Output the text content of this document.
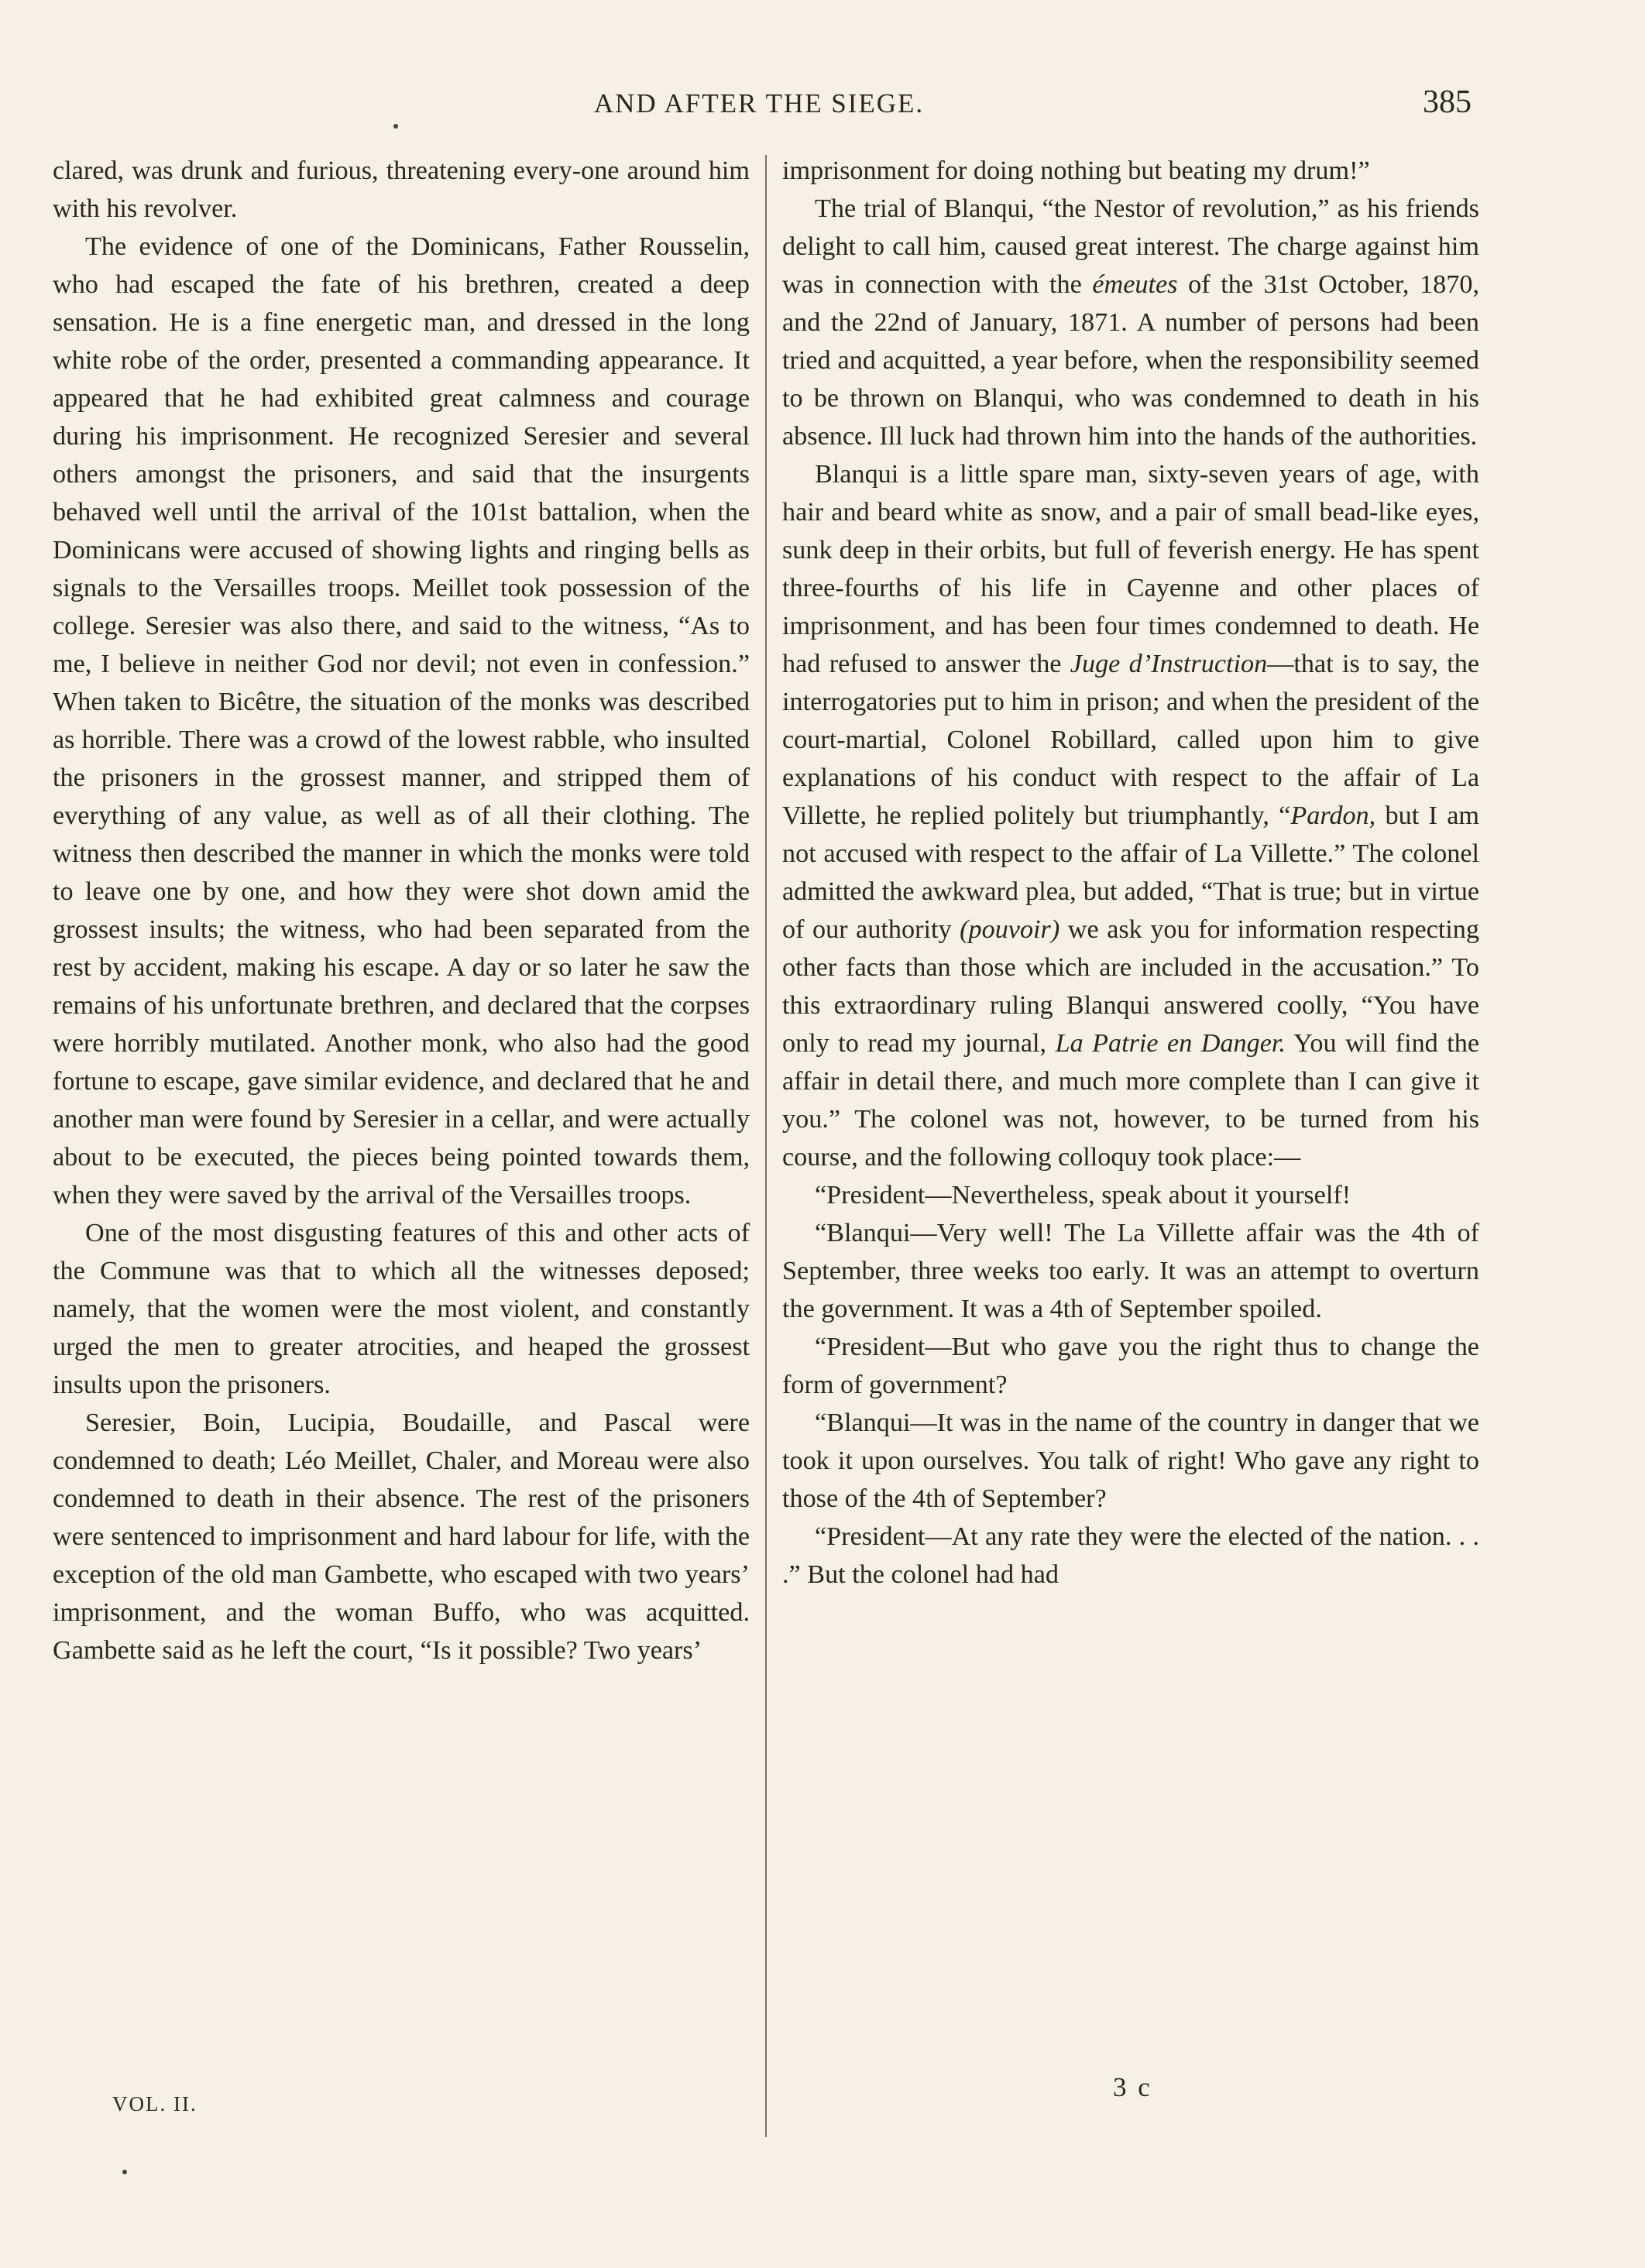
AND AFTER THE SIEGE.	385

clared, was drunk and furious, threatening every-one around him with his revolver.

The evidence of one of the Dominicans, Father Rousselin, who had escaped the fate of his brethren, created a deep sensation. He is a fine energetic man, and dressed in the long white robe of the order, presented a commanding appearance. It appeared that he had exhibited great calmness and courage during his imprisonment. He recognized Seresier and several others amongst the prisoners, and said that the insurgents behaved well until the arrival of the 101st battalion, when the Dominicans were accused of showing lights and ringing bells as signals to the Versailles troops. Meillet took possession of the college. Seresier was also there, and said to the witness, “As to me, I believe in neither God nor devil; not even in confession.” When taken to Bicêtre, the situation of the monks was described as horrible. There was a crowd of the lowest rabble, who insulted the prisoners in the grossest manner, and stripped them of everything of any value, as well as of all their clothing. The witness then described the manner in which the monks were told to leave one by one, and how they were shot down amid the grossest insults; the witness, who had been separated from the rest by accident, making his escape. A day or so later he saw the remains of his unfortunate brethren, and declared that the corpses were horribly mutilated. Another monk, who also had the good fortune to escape, gave similar evidence, and declared that he and another man were found by Seresier in a cellar, and were actually about to be executed, the pieces being pointed towards them, when they were saved by the arrival of the Versailles troops.

One of the most disgusting features of this and other acts of the Commune was that to which all the witnesses deposed; namely, that the women were the most violent, and constantly urged the men to greater atrocities, and heaped the grossest insults upon the prisoners.

Seresier, Boin, Lucipia, Boudaille, and Pascal were condemned to death; Léo Meillet, Chaler, and Moreau were also condemned to death in their absence. The rest of the prisoners were sentenced to imprisonment and hard labour for life, with the exception of the old man Gambette, who escaped with two years’ imprisonment, and the woman Buffo, who was acquitted. Gambette said as he left the court, “Is it possible? Two years’

imprisonment for doing nothing but beating my drum!”

The trial of Blanqui, “the Nestor of revolution,” as his friends delight to call him, caused great interest. The charge against him was in connection with the émeutes of the 31st October, 1870, and the 22nd of January, 1871. A number of persons had been tried and acquitted, a year before, when the responsibility seemed to be thrown on Blanqui, who was condemned to death in his absence. Ill luck had thrown him into the hands of the authorities.

Blanqui is a little spare man, sixty-seven years of age, with hair and beard white as snow, and a pair of small bead-like eyes, sunk deep in their orbits, but full of feverish energy. He has spent three-fourths of his life in Cayenne and other places of imprisonment, and has been four times condemned to death. He had refused to answer the Juge d’Instruction—that is to say, the interrogatories put to him in prison; and when the president of the court-martial, Colonel Robillard, called upon him to give explanations of his conduct with respect to the affair of La Villette, he replied politely but triumphantly, “Pardon, but I am not accused with respect to the affair of La Villette.” The colonel admitted the awkward plea, but added, “That is true; but in virtue of our authority (pouvoir) we ask you for information respecting other facts than those which are included in the accusation.” To this extraordinary ruling Blanqui answered coolly, “You have only to read my journal, La Patrie en Danger. You will find the affair in detail there, and much more complete than I can give it you.” The colonel was not, however, to be turned from his course, and the following colloquy took place:—

“President—Nevertheless, speak about it yourself!

“Blanqui—Very well! The La Villette affair was the 4th of September, three weeks too early. It was an attempt to overturn the government. It was a 4th of September spoiled.

“President—But who gave you the right thus to change the form of government?

“Blanqui—It was in the name of the country in danger that we took it upon ourselves. You talk of right! Who gave any right to those of the 4th of September?

“President—At any rate they were the elected of the nation. . . .” But the colonel had had

VOL. II.
3 c
